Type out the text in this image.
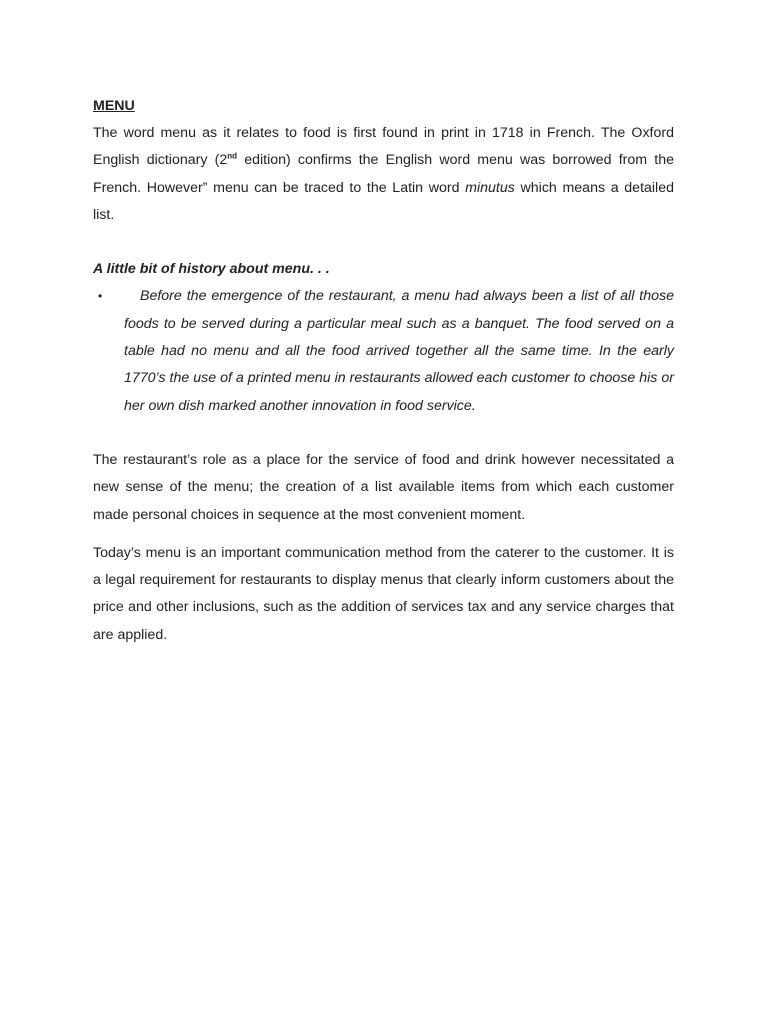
MENU

The word menu as it relates to food is first found in print in 1718 in French. The Oxford English dictionary (2nd edition) confirms the English word menu was borrowed from the French. However” menu can be traced to the Latin word minutus which means a detailed list.

A little bit of history about menu. . .

•	Before the emergence of the restaurant, a menu had always been a list of all those foods to be served during a particular meal such as a banquet. The food served on a table had no menu and all the food arrived together all the same time. In the early 1770’s the use of a printed menu in restaurants allowed each customer to choose his or her own dish marked another innovation in food service.

The restaurant’s role as a place for the service of food and drink however necessitated a new sense of the menu; the creation of a list available items from which each customer made personal choices in sequence at the most convenient moment.

Today’s menu is an important communication method from the caterer to the customer. It is a legal requirement for restaurants to display menus that clearly inform customers about the price and other inclusions, such as the addition of services tax and any service charges that are applied.
